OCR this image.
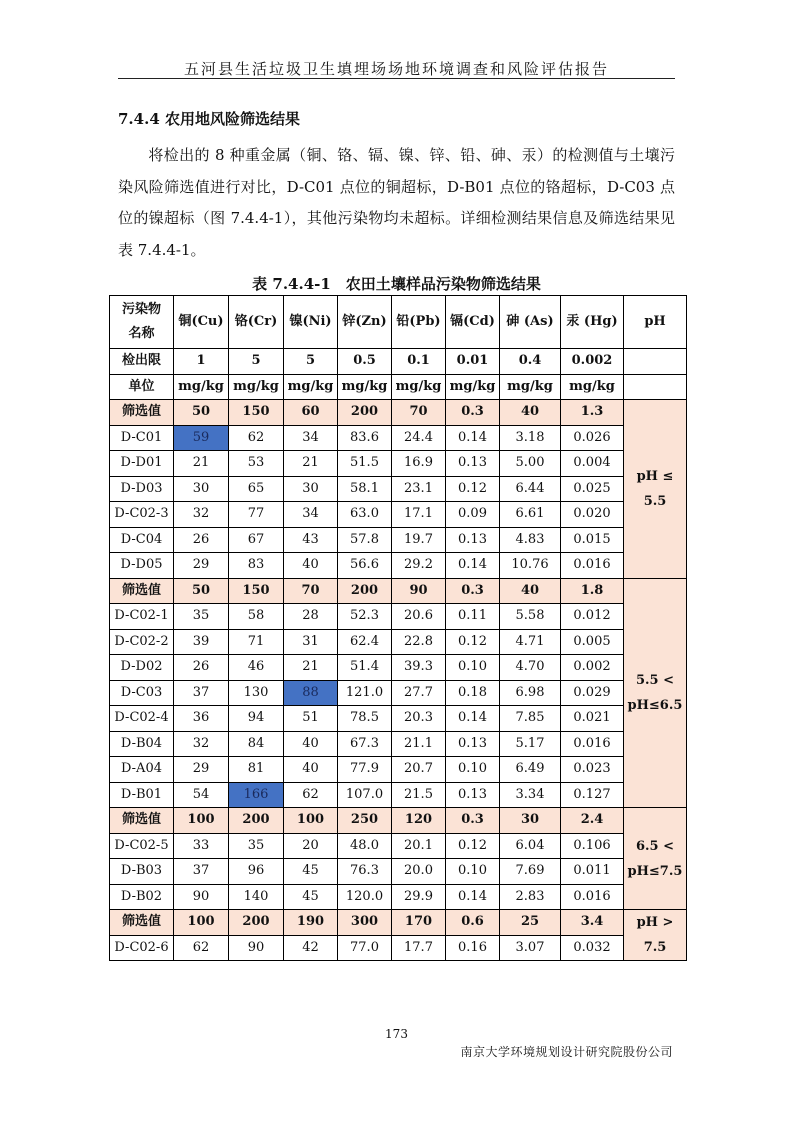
五河县生活垃圾卫生填埋场场地环境调查和风险评估报告
7.4.4 农用地风险筛选结果
将检出的 8 种重金属（铜、铬、镉、镍、锌、铅、砷、汞）的检测值与土壤污染风险筛选值进行对比，D-C01 点位的铜超标，D-B01 点位的铬超标，D-C03 点位的镍超标（图 7.4.4-1），其他污染物均未超标。详细检测结果信息及筛选结果见表 7.4.4-1。
表 7.4.4-1　农田土壤样品污染物筛选结果
污染物
名称	铜(Cu)	铬(Cr)	镍(Ni)	锌(Zn)	铅(Pb)	镉(Cd)	砷 (As)	汞 (Hg)	pH
检出限	1	5	5	0.5	0.1	0.01	0.4	0.002	
单位	mg/kg	mg/kg	mg/kg	mg/kg	mg/kg	mg/kg	mg/kg	mg/kg	
筛选值	50	150	60	200	70	0.3	40	1.3	pH ≤ 5.5
D-C01	59	62	34	83.6	24.4	0.14	3.18	0.026	
D-D01	21	53	21	51.5	16.9	0.13	5.00	0.004	
D-D03	30	65	30	58.1	23.1	0.12	6.44	0.025	
D-C02-3	32	77	34	63.0	17.1	0.09	6.61	0.020	
D-C04	26	67	43	57.8	19.7	0.13	4.83	0.015	
D-D05	29	83	40	56.6	29.2	0.14	10.76	0.016	
筛选值	50	150	70	200	90	0.3	40	1.8	5.5 <
pH≤6.5
D-C02-1	35	58	28	52.3	20.6	0.11	5.58	0.012	
D-C02-2	39	71	31	62.4	22.8	0.12	4.71	0.005	
D-D02	26	46	21	51.4	39.3	0.10	4.70	0.002	
D-C03	37	130	88	121.0	27.7	0.18	6.98	0.029	
D-C02-4	36	94	51	78.5	20.3	0.14	7.85	0.021	
D-B04	32	84	40	67.3	21.1	0.13	5.17	0.016	
D-A04	29	81	40	77.9	20.7	0.10	6.49	0.023	
D-B01	54	166	62	107.0	21.5	0.13	3.34	0.127	
筛选值	100	200	100	250	120	0.3	30	2.4	6.5 <
pH≤7.5
D-C02-5	33	35	20	48.0	20.1	0.12	6.04	0.106	
D-B03	37	96	45	76.3	20.0	0.10	7.69	0.011	
D-B02	90	140	45	120.0	29.9	0.14	2.83	0.016	
筛选值	100	200	190	300	170	0.6	25	3.4	pH > 7.5
D-C02-6	62	90	42	77.0	17.7	0.16	3.07	0.032	
173
南京大学环境规划设计研究院股份公司
